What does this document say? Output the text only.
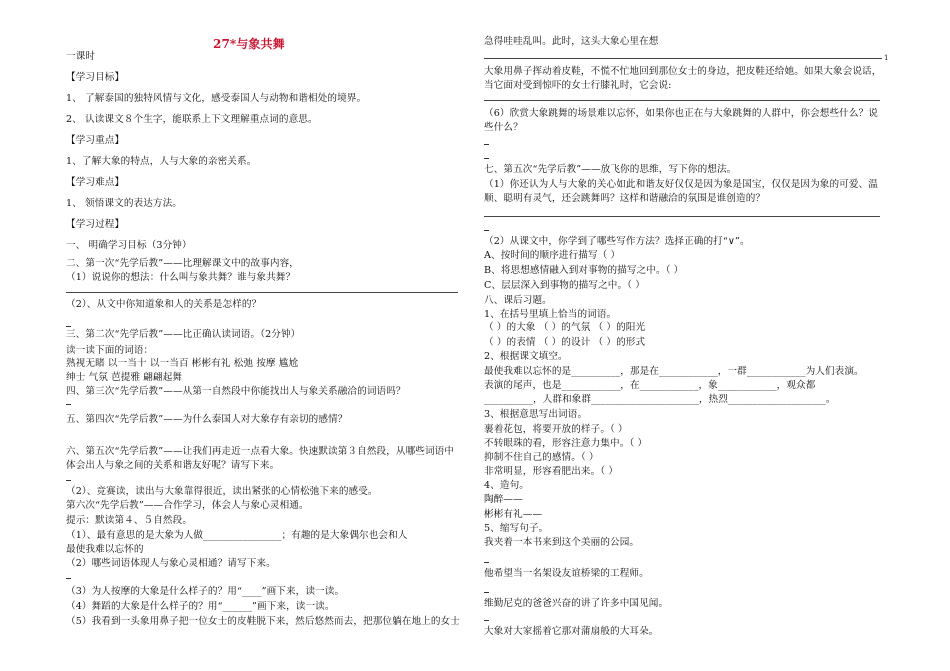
27*与象共舞
一课时
【学习目标】
1、 了解泰国的独特风情与文化，感受泰国人与动物和谐相处的境界。
2、 认读课文８个生字，能联系上下文理解重点词的意思。
【学习重点】
1、了解大象的特点，人与大象的亲密关系。
【学习难点】
1、 领悟课文的表达方法。
【学习过程】
一、 明确学习目标（3分钟）
二、第一次“先学后教”——比理解课文中的故事内容，
（1）说说你的想法：什么叫与象共舞？谁与象共舞？
（2）、从文中你知道象和人的关系是怎样的？
三、第二次“先学后教”——比正确认读词语。（2分钟）
读一读下面的词语：
熟视无睹 以一当十 以一当百 彬彬有礼 松弛 按摩 尴尬
绅士 气氛 芭提雅 翩翩起舞
四、第三次“先学后教”——从第一自然段中你能找出人与象关系融洽的词语吗？
五、第四次“先学后教”——为什么泰国人对大象存有亲切的感情？
六、第五次“先学后教”——让我们再走近一点看大象。快速默读第３自然段，从哪些词语中
体会出人与象之间的关系和谐友好呢？请写下来。
（2）、竞赛读，读出与大象靠得很近，读出紧张的心情松弛下来的感受。
第六次“先学后教”——合作学习，体会人与象心灵相通。
提示：默读第４、５自然段。
（1）、最有意思的是大象为人做________________；有趣的是大象偶尔也会和人
最使我难以忘怀的
（2）哪些词语体现人与象心灵相通？请写下来。
（3）为人按摩的大象是什么样子的？用“____”画下来，读一读。
（4）舞蹈的大象是什么样子的？用“______”画下来，读一读。
（5）我看到一头象用鼻子把一位女士的皮鞋脱下来，然后悠然而去，把那位躺在地上的女士
急得哇哇乱叫。此时，这头大象心里在想
1
大象用鼻子挥动着皮鞋，不慌不忙地回到那位女士的身边，把皮鞋还给她。如果大象会说话，
当它面对受到惊吓的女士行膝礼时，它会说:
（6）欣赏大象跳舞的场景难以忘怀，如果你也正在与大象跳舞的人群中，你会想些什么？说
些什么？
七、第五次“先学后教”——放飞你的思维，写下你的想法。
（1）你还认为人与大象的关心如此和谐友好仅仅是因为象是国宝，仅仅是因为象的可爱、温
顺、聪明有灵气，还会跳舞吗？这样和谐融洽的氛围是谁创造的？
（2）从课文中，你学到了哪些写作方法？选择正确的打“∨”。
A、按时间的顺序进行描写（ ）
B、将思想感情融入到对事物的描写之中。（ ）
C、层层深入到事物的描写之中。（ ）
八、课后习题。
1、在括号里填上恰当的词语。
（ ）的大象 （ ）的气氛 （ ）的阳光
（ ）的表情 （ ）的设计 （ ）的形式
2、根据课文填空。
最使我难以忘怀的是__________，那是在____________，一群____________为人们表演。
表演的尾声，也是____________，在____________，象____________，观众都
__________，人群和象群______________________，热烈____________________。
3、根据意思写出词语。
裹着花包，将要开放的样子。（ ）
不转眼珠的看，形容注意力集中。（ ）
抑制不住自己的感情。（ ）
非常明显，形容看肥出来。（ ）
4、造句。
陶醉——
彬彬有礼——
5、缩写句子。
我夹着一本书来到这个美丽的公园。
他希望当一名架设友谊桥梁的工程师。
维勤尼克的爸爸兴奋的讲了许多中国见闻。
大象对大家摇着它那对蒲扇般的大耳朵。
